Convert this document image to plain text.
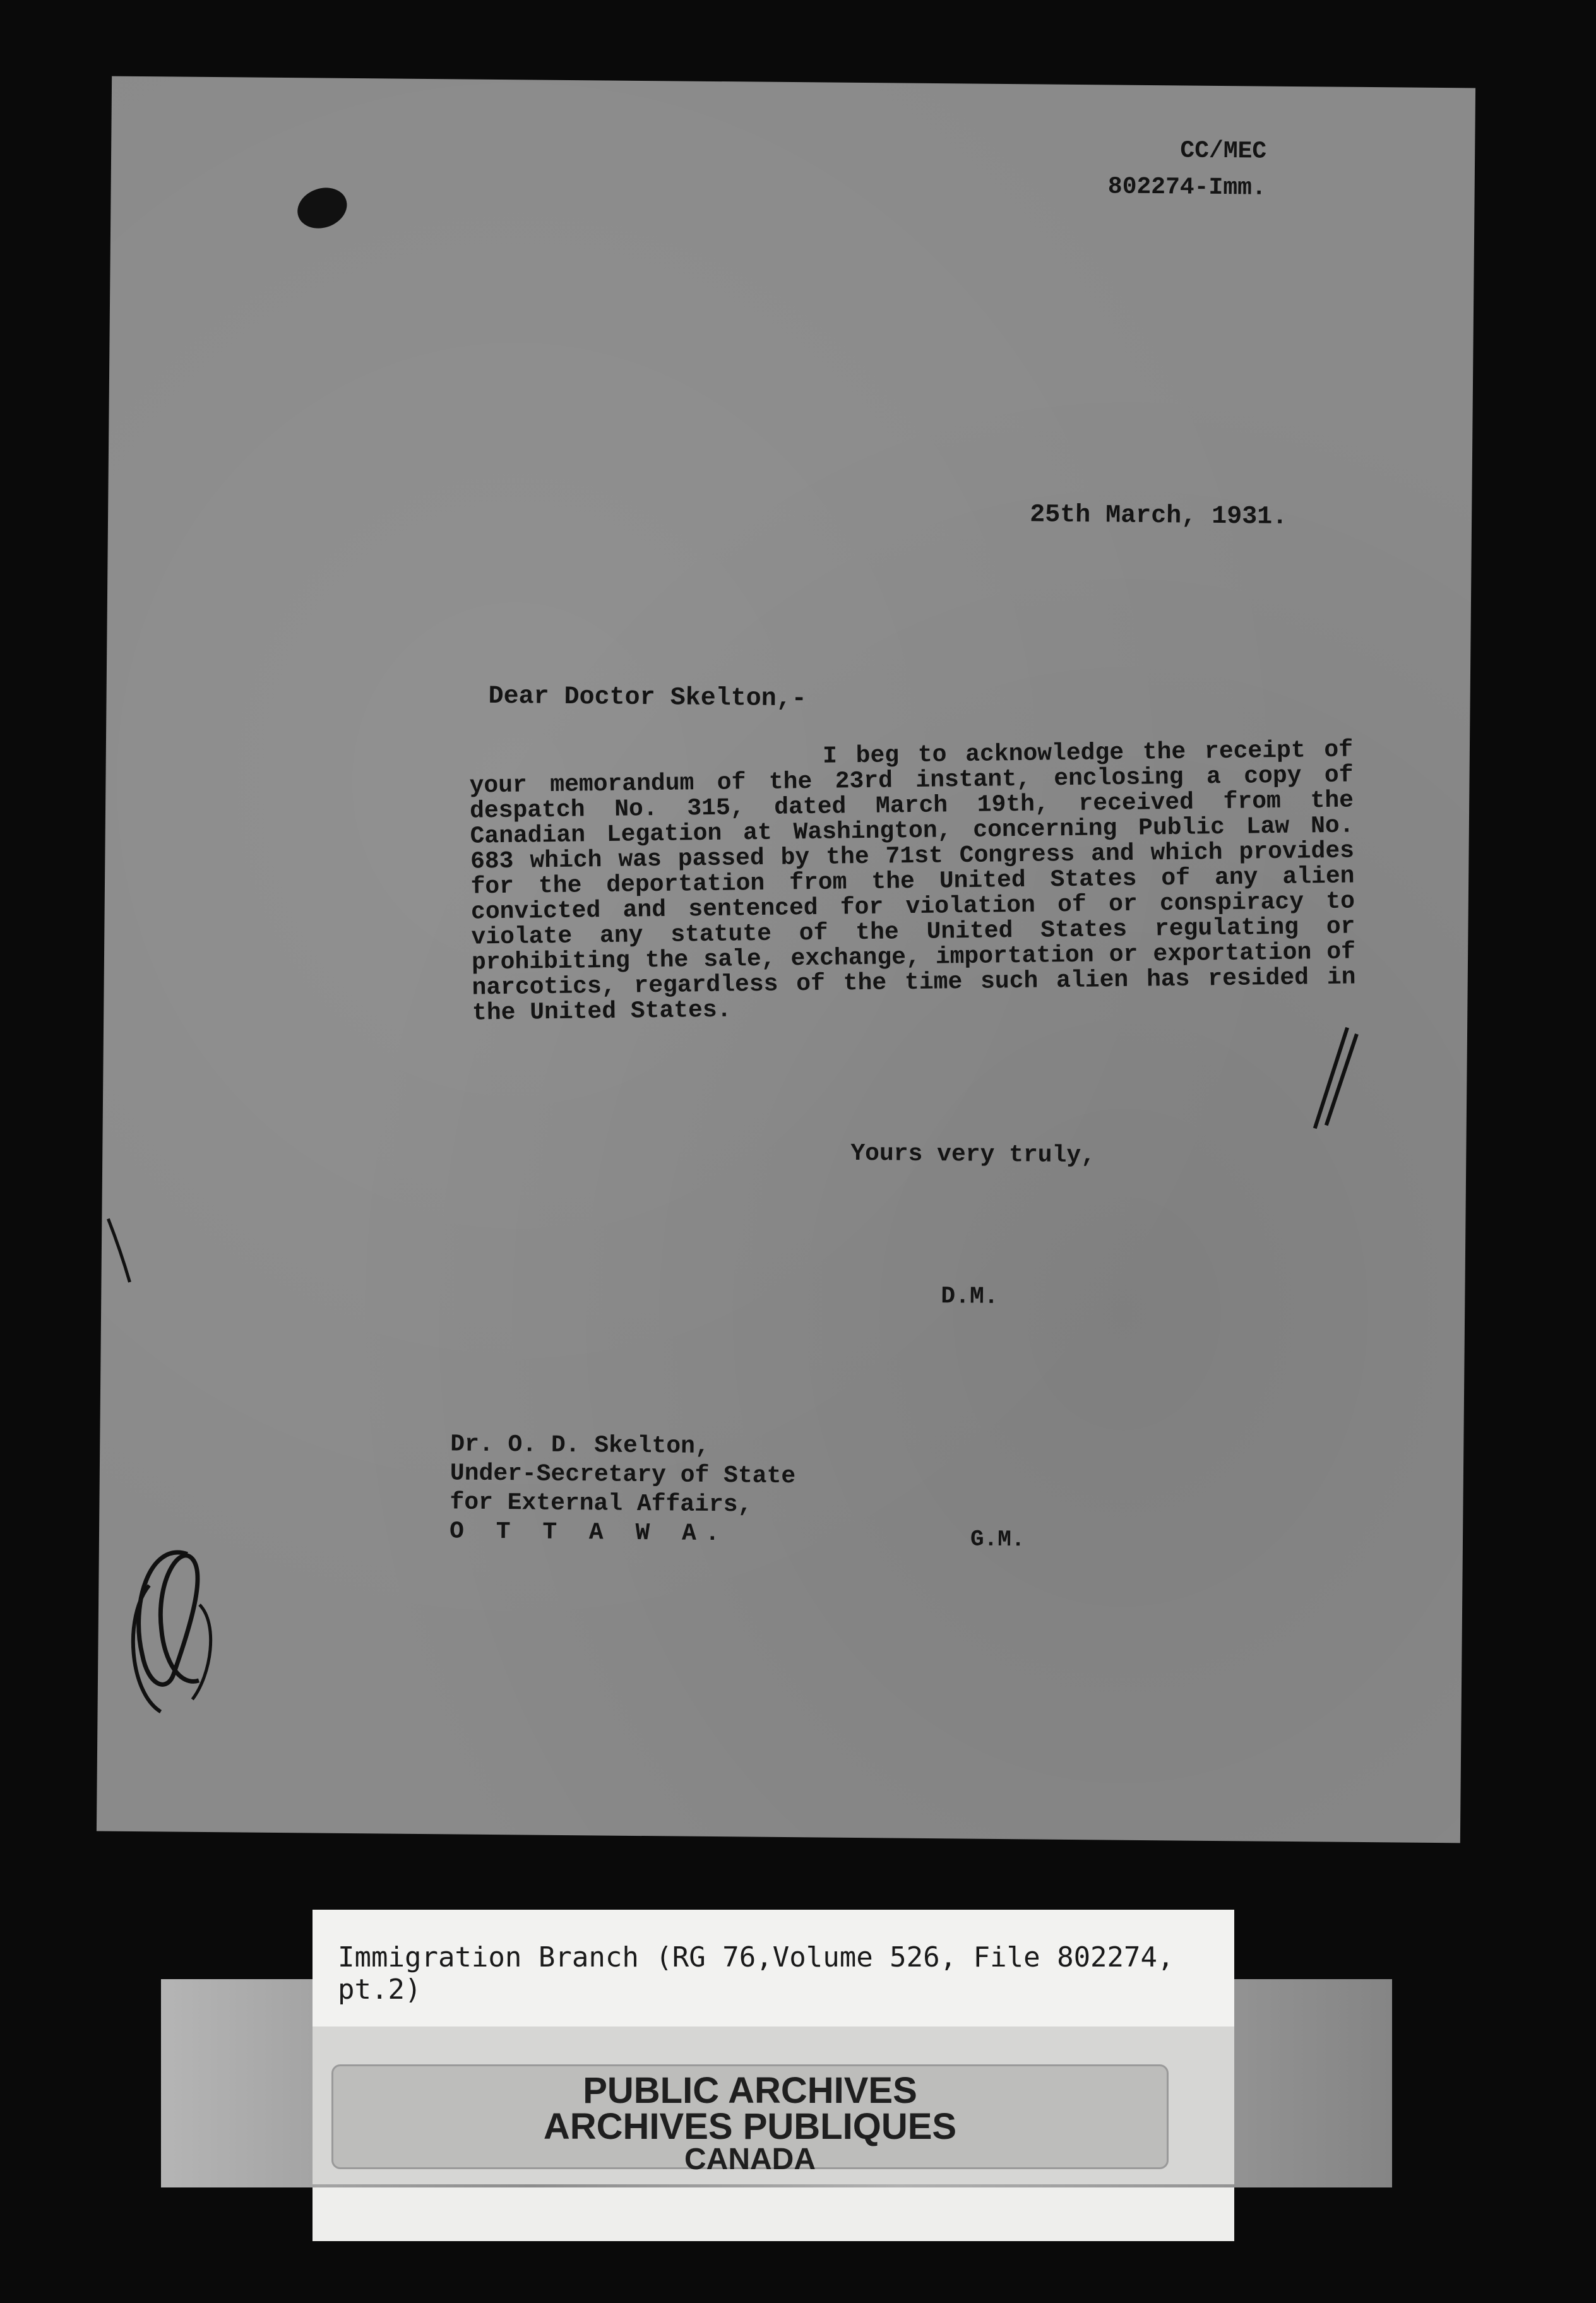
CC/MEC
802274-Imm.
25th March, 1931.
Dear Doctor Skelton,-
I beg to acknowledge the receipt of your memorandum of the 23rd instant, enclosing a copy of despatch No. 315, dated March 19th, received from the Canadian Legation at Washington, concerning Public Law No. 683 which was passed by the 71st Congress and which provides for the deportation from the United States of any alien convicted and sentenced for violation of or conspiracy to violate any statute of the United States regulating or prohibiting the sale, exchange, importation or exportation of narcotics, regardless of the time such alien has resided in the United States.
Yours very truly,
D.M.
Dr. O. D. Skelton,
Under-Secretary of State
for External Affairs,
O T T A W A.	G.M.
Immigration Branch (RG 76,Volume 526, File 802274, pt.2)
PUBLIC ARCHIVES
ARCHIVES PUBLIQUES
CANADA
